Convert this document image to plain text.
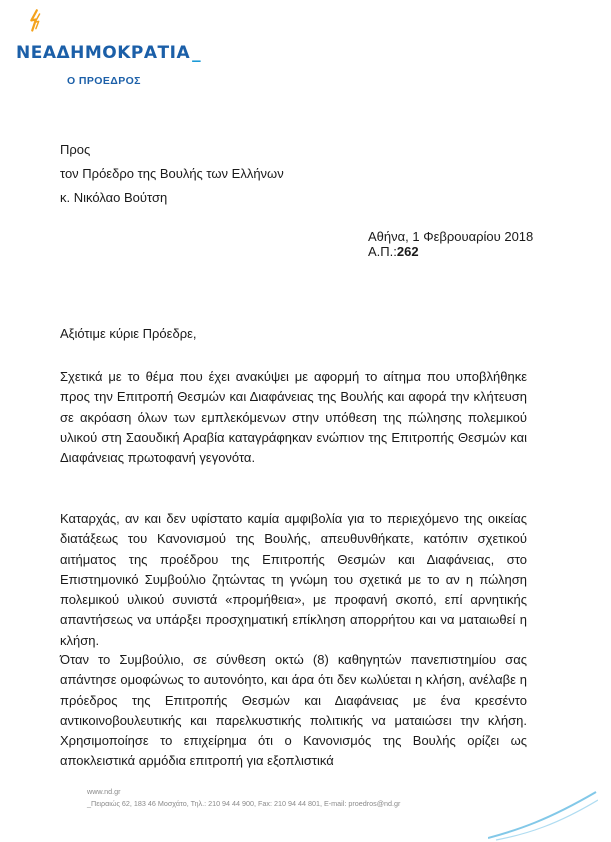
ΝΕΑΔΗΜΟΚΡΑΤΙΑ _
Ο ΠΡΟΕΔΡΟΣ
Προς
τον Πρόεδρο της Βουλής των Ελλήνων
κ. Νικόλαο Βούτση
Αθήνα, 1 Φεβρουαρίου 2018
Α.Π.:262
Αξιότιμε κύριε Πρόεδρε,
Σχετικά με το θέμα που έχει ανακύψει με αφορμή το αίτημα που υποβλήθηκε προς την Επιτροπή Θεσμών και Διαφάνειας της Βουλής και αφορά την κλήτευση σε ακρόαση όλων των εμπλεκόμενων στην υπόθεση της πώλησης πολεμικού υλικού στη Σαουδική Αραβία καταγράφηκαν ενώπιον της Επιτροπής Θεσμών και Διαφάνειας πρωτοφανή γεγονότα.
Καταρχάς, αν και δεν υφίστατο καμία αμφιβολία για το περιεχόμενο της οικείας διατάξεως του Κανονισμού της Βουλής, απευθυνθήκατε, κατόπιν σχετικού αιτήματος της προέδρου της Επιτροπής Θεσμών και Διαφάνειας, στο Επιστημονικό Συμβούλιο ζητώντας τη γνώμη του σχετικά με το αν η πώληση πολεμικού υλικού συνιστά «προμήθεια», με προφανή σκοπό, επί αρνητικής απαντήσεως να υπάρξει προσχηματική επίκληση απορρήτου και να ματαιωθεί η κλήση.
Όταν το Συμβούλιο, σε σύνθεση οκτώ (8) καθηγητών πανεπιστημίου σας απάντησε ομοφώνως το αυτονόητο, και άρα ότι δεν κωλύεται η κλήση, ανέλαβε η πρόεδρος της Επιτροπής Θεσμών και Διαφάνειας με ένα κρεσέντο αντικοινοβουλευτικής και παρελκυστικής πολιτικής να ματαιώσει την κλήση. Χρησιμοποίησε το επιχείρημα ότι ο Κανονισμός της Βουλής ορίζει ως αποκλειστικά αρμόδια επιτροπή για εξοπλιστικά
www.nd.gr
_Πειραιώς 62, 183 46 Μοσχάτο, Τηλ.: 210 94 44 900, Fax: 210 94 44 801, E-mail: proedros@nd.gr
